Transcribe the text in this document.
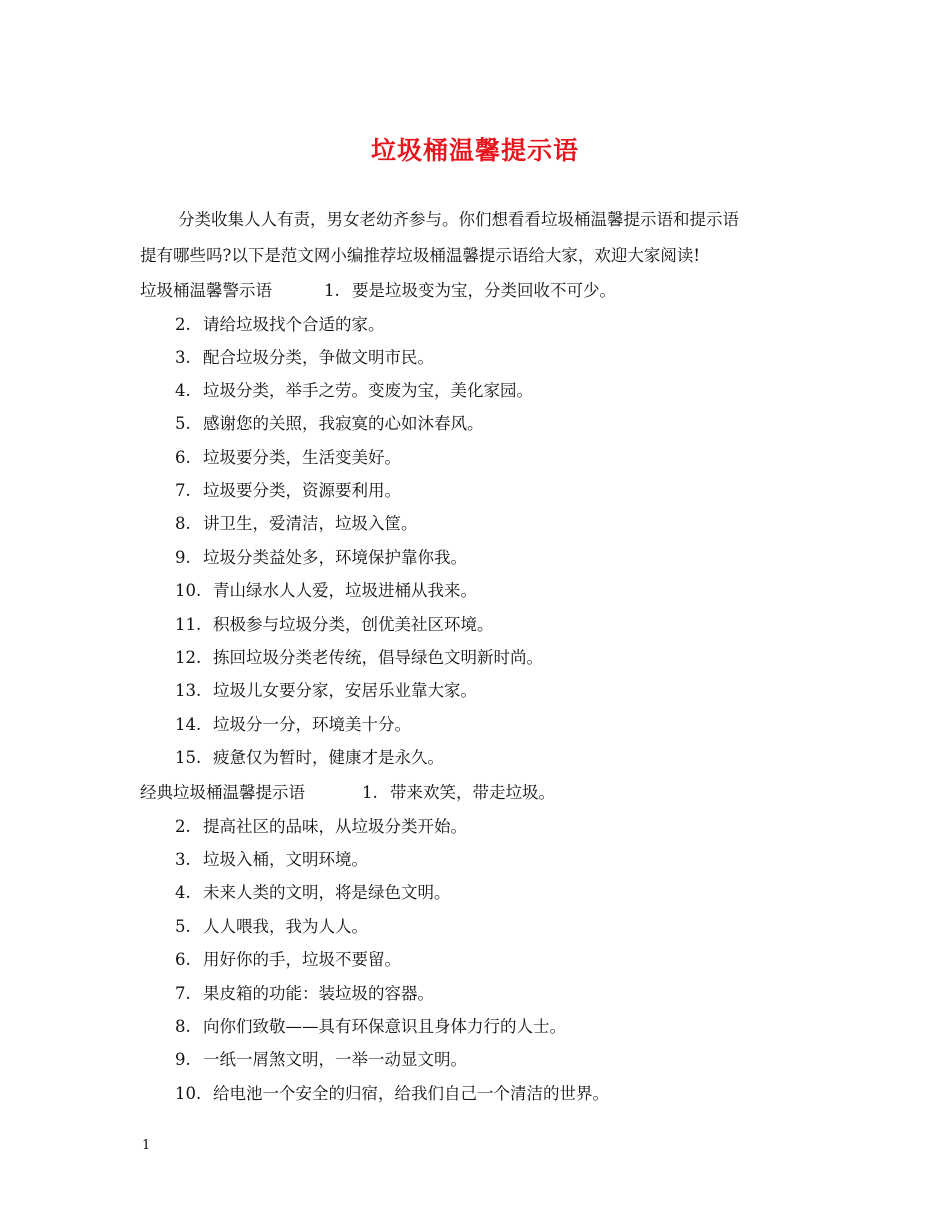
垃圾桶温馨提示语
分类收集人人有责，男女老幼齐参与。你们想看看垃圾桶温馨提示语和提示语
提有哪些吗?以下是范文网小编推荐垃圾桶温馨提示语给大家，欢迎大家阅读!
垃圾桶温馨警示语	1. 要是垃圾变为宝，分类回收不可少。
2. 请给垃圾找个合适的家。
3. 配合垃圾分类，争做文明市民。
4. 垃圾分类，举手之劳。变废为宝，美化家园。
5. 感谢您的关照，我寂寞的心如沐春风。
6. 垃圾要分类，生活变美好。
7. 垃圾要分类，资源要利用。
8. 讲卫生，爱清洁，垃圾入筐。
9. 垃圾分类益处多，环境保护靠你我。
10. 青山绿水人人爱，垃圾进桶从我来。
11. 积极参与垃圾分类，创优美社区环境。
12. 拣回垃圾分类老传统，倡导绿色文明新时尚。
13. 垃圾儿女要分家，安居乐业靠大家。
14. 垃圾分一分，环境美十分。
15. 疲惫仅为暂时，健康才是永久。
经典垃圾桶温馨提示语	1. 带来欢笑，带走垃圾。
2. 提高社区的品味，从垃圾分类开始。
3. 垃圾入桶，文明环境。
4. 未来人类的文明，将是绿色文明。
5. 人人喂我，我为人人。
6. 用好你的手，垃圾不要留。
7. 果皮箱的功能：装垃圾的容器。
8. 向你们致敬——具有环保意识且身体力行的人士。
9. 一纸一屑煞文明，一举一动显文明。
10. 给电池一个安全的归宿，给我们自己一个清洁的世界。
1
